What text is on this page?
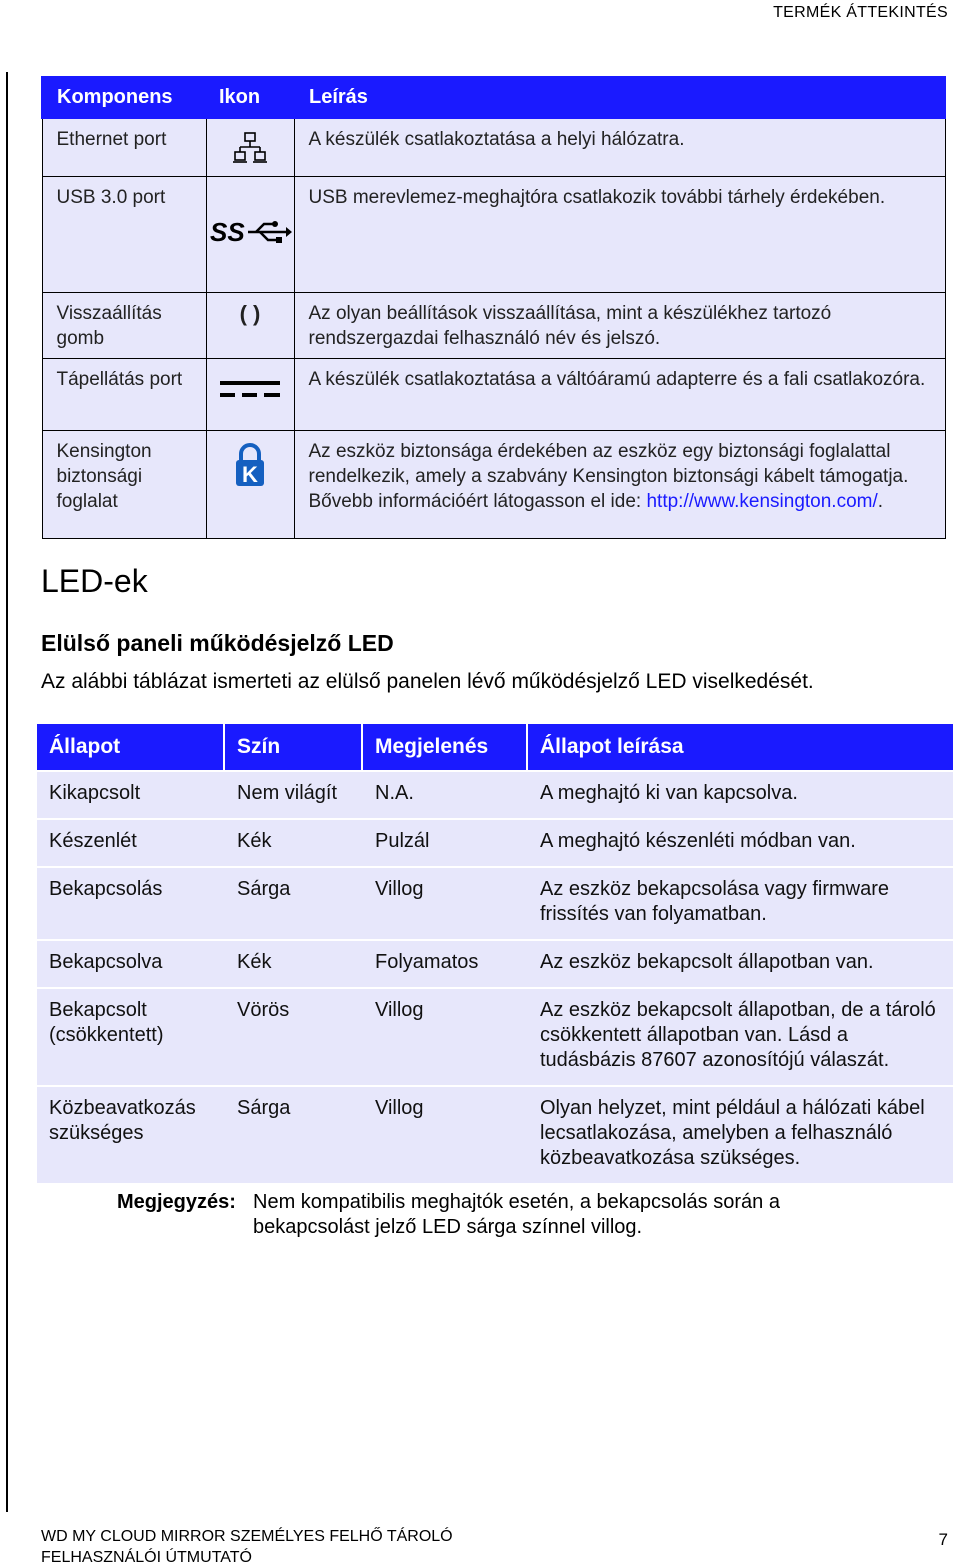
TERMÉK ÁTTEKINTÉS
Komponens	Ikon	Leírás
Ethernet port		A készülék csatlakoztatása a helyi hálózatra.
USB 3.0 port	SS	USB merevlemez-meghajtóra csatlakozik további tárhely érdekében.
Visszaállítás gomb	( )	Az olyan beállítások visszaállítása, mint a készülékhez tartozó rendszergazdai felhasználó név és jelszó.
Tápellátás port		A készülék csatlakoztatása a váltóáramú adapterre és a fali csatlakozóra.
Kensington biztonsági foglalat	K	Az eszköz biztonsága érdekében az eszköz egy biztonsági foglalattal rendelkezik, amely a szabvány Kensington biztonsági kábelt támogatja. Bővebb információért látogasson el ide: http://www.kensington.com/.
LED-ek
Elülső paneli működésjelző LED

Az alábbi táblázat ismerteti az elülső panelen lévő működésjelző LED viselkedését.

Állapot	Szín	Megjelenés	Állapot leírása
Kikapcsolt	Nem világít	N.A.	A meghajtó ki van kapcsolva.
Készenlét	Kék	Pulzál	A meghajtó készenléti módban van.
Bekapcsolás	Sárga	Villog	Az eszköz bekapcsolása vagy firmware frissítés van folyamatban.
Bekapcsolva	Kék	Folyamatos	Az eszköz bekapcsolt állapotban van.
Bekapcsolt (csökkentett)	Vörös	Villog	Az eszköz bekapcsolt állapotban, de a tároló csökkentett állapotban van. Lásd a tudásbázis 87607 azonosítójú válaszát.
Közbeavatkozás szükséges	Sárga	Villog	Olyan helyzet, mint például a hálózati kábel lecsatlakozása, amelyben a felhasználó közbeavatkozása szükséges.
Megjegyzés: Nem kompatibilis meghajtók esetén, a bekapcsolás során a bekapcsolást jelző LED sárga színnel villog.
WD MY CLOUD MIRROR SZEMÉLYES FELHŐ TÁROLÓ
FELHASZNÁLÓI ÚTMUTATÓ
7
